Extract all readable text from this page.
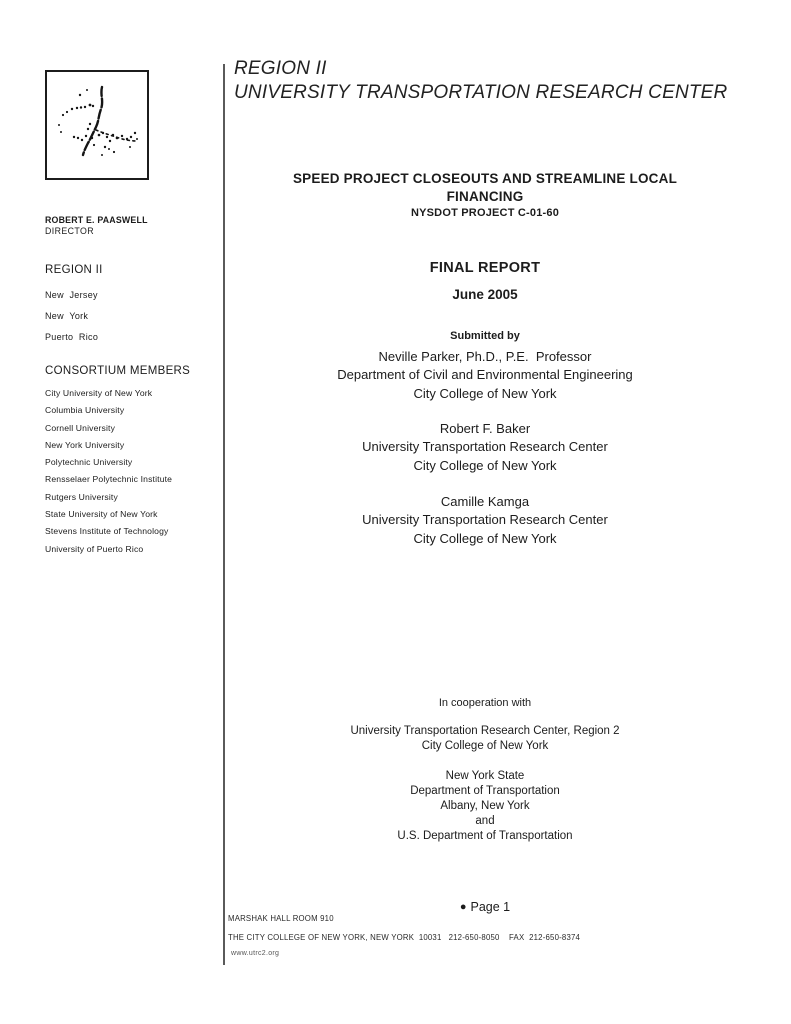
ROBERT E. PAASWELL
DIRECTOR
REGION II
New  Jersey
New  York
Puerto  Rico
CONSORTIUM MEMBERS
City University of New York
Columbia University
Cornell University
New York University
Polytechnic University
Rensselaer Polytechnic Institute
Rutgers University
State University of New York
Stevens Institute of Technology
University of Puerto Rico
REGION II
UNIVERSITY TRANSPORTATION RESEARCH CENTER
SPEED PROJECT CLOSEOUTS AND STREAMLINE LOCAL
FINANCING
NYSDOT PROJECT C-01-60
FINAL REPORT
June 2005
Submitted by
Neville Parker, Ph.D., P.E.  Professor
Department of Civil and Environmental Engineering
City College of New York
Robert F. Baker
University Transportation Research Center
City College of New York
Camille Kamga
University Transportation Research Center
City College of New York
In cooperation with
University Transportation Research Center, Region 2
City College of New York
New York State
Department of Transportation
Albany, New York
and
U.S. Department of Transportation
● Page 1
MARSHAK HALL ROOM 910
THE CITY COLLEGE OF NEW YORK, NEW YORK  10031   212-650-8050    FAX  212-650-8374
www.utrc2.org
